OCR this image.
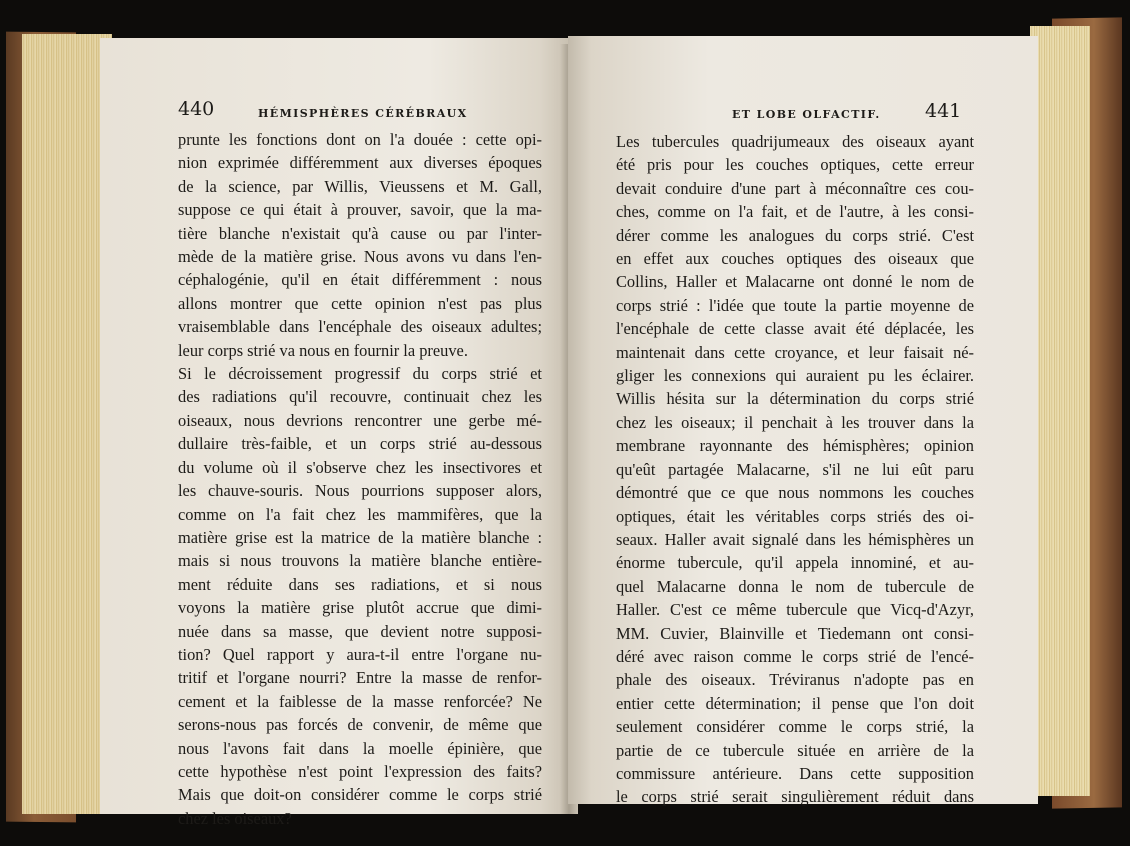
440	HÉMISPHÈRES CÉRÉBRAUX
prunte les fonctions dont on l'a douée : cette opi-
nion exprimée différemment aux diverses époques
de la science, par Willis, Vieussens et M. Gall,
suppose ce qui était à prouver, savoir, que la ma-
tière blanche n'existait qu'à cause ou par l'inter-
mède de la matière grise. Nous avons vu dans l'en-
céphalogénie, qu'il en était différemment : nous
allons montrer que cette opinion n'est pas plus
vraisemblable dans l'encéphale des oiseaux adultes;
leur corps strié va nous en fournir la preuve.
Si le décroissement progressif du corps strié et
des radiations qu'il recouvre, continuait chez les
oiseaux, nous devrions rencontrer une gerbe mé-
dullaire très-faible, et un corps strié au-dessous
du volume où il s'observe chez les insectivores et
les chauve-souris. Nous pourrions supposer alors,
comme on l'a fait chez les mammifères, que la
matière grise est la matrice de la matière blanche :
mais si nous trouvons la matière blanche entière-
ment réduite dans ses radiations, et si nous
voyons la matière grise plutôt accrue que dimi-
nuée dans sa masse, que devient notre supposi-
tion? Quel rapport y aura-t-il entre l'organe nu-
tritif et l'organe nourri? Entre la masse de renfor-
cement et la faiblesse de la masse renforcée? Ne
serons-nous pas forcés de convenir, de même que
nous l'avons fait dans la moelle épinière, que
cette hypothèse n'est point l'expression des faits?
Mais que doit-on considérer comme le corps strié
chez les oiseaux?
ET LOBE OLFACTIF. 441
Les tubercules quadrijumeaux des oiseaux ayant
été pris pour les couches optiques, cette erreur
devait conduire d'une part à méconnaître ces cou-
ches, comme on l'a fait, et de l'autre, à les consi-
dérer comme les analogues du corps strié. C'est
en effet aux couches optiques des oiseaux que
Collins, Haller et Malacarne ont donné le nom de
corps strié : l'idée que toute la partie moyenne de
l'encéphale de cette classe avait été déplacée, les
maintenait dans cette croyance, et leur faisait né-
gliger les connexions qui auraient pu les éclairer.
Willis hésita sur la détermination du corps strié
chez les oiseaux; il penchait à les trouver dans la
membrane rayonnante des hémisphères; opinion
qu'eût partagée Malacarne, s'il ne lui eût paru
démontré que ce que nous nommons les couches
optiques, était les véritables corps striés des oi-
seaux. Haller avait signalé dans les hémisphères un
énorme tubercule, qu'il appela innominé, et au-
quel Malacarne donna le nom de tubercule de
Haller. C'est ce même tubercule que Vicq-d'Azyr,
MM. Cuvier, Blainville et Tiedemann ont consi-
déré avec raison comme le corps strié de l'encé-
phale des oiseaux. Tréviranus n'adopte pas en
entier cette détermination; il pense que l'on doit
seulement considérer comme le corps strié, la
partie de ce tubercule située en arrière de la
commissure antérieure. Dans cette supposition
le corps strié serait singulièrement réduit dans
